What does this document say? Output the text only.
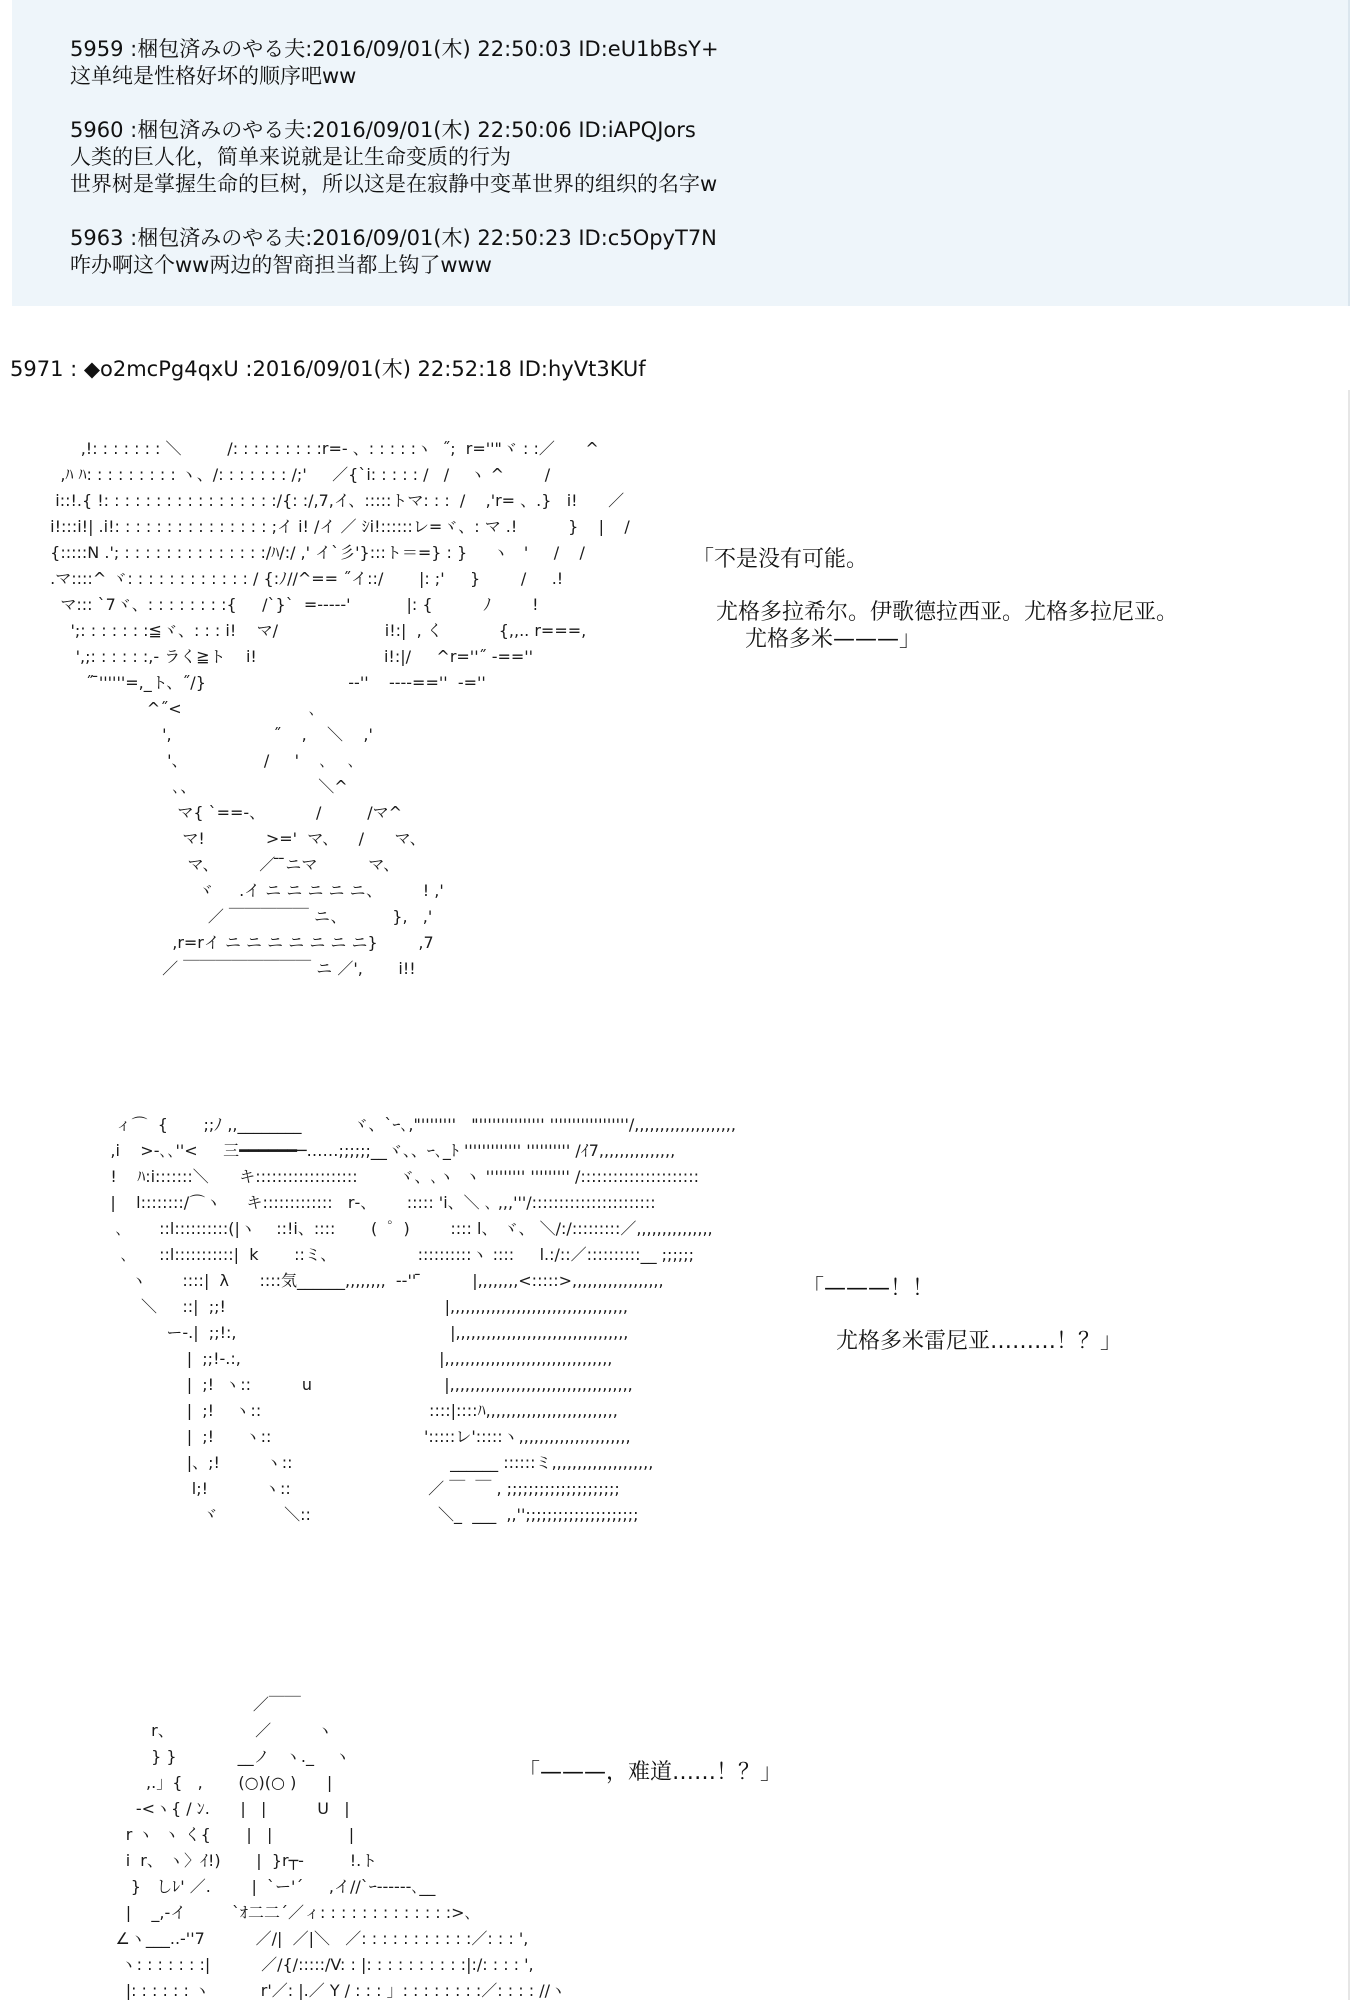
5959 :梱包済みのやる夫:2016/09/01(木) 22:50:03 ID:eU1bBsY+
这单纯是性格好坏的顺序吧ww
5960 :梱包済みのやる夫:2016/09/01(木) 22:50:06 ID:iAPQJors
人类的巨人化，简单来说就是让生命变质的行为
世界树是掌握生命的巨树，所以这是在寂静中变革世界的组织的名字w
5963 :梱包済みのやる夫:2016/09/01(木) 22:50:23 ID:c5OpyT7N
咋办啊这个ww两边的智商担当都上钩了www
5971 : ◆o2mcPg4qxU :2016/09/01(木) 22:52:18 ID:hyVt3KUf
,!: : : : : : : ＼         /: : : : : : : : :r=‐ 、: : : : :ヽ  ˝;  r=''"ヾ : :／      ^
,ﾊ ﾊ: : : : : : : : : ヽ、/: : : : : : : /;'     ／{`i: : : : : /   /    ヽ ^        /
i::!.{ !: : : : : : : : : : : : : : : : :/{: :/,7,イ、:::::トマ: : :  /    ,'r= 、.}   i!      ／
i!:::i!| .i!: : : : : : : : : : : : : : : ;イ i! /イ ／ ｼi!::::::レ=ヾ、: マ .!          }    |    /
{:::::N .'; : : : : : : : : : : : : : :/ﾊ/:/ ,' イ`彡'}:::ト＝=} : }     ヽ   '     /    /
.マ::::^ ヾ: : : : : : : : : : : : / {:ﾉ//^== ˝イ::/       |: ;'     }        /     .!
マ::: `7ヾ、: : : : : : : :{     /`}`  =‐----'           |: {          ﾉ        !
';: : : : : : :≦ヾ、: : : i!    マ/                     i!:|  , く           {,,.. r===,
',;: : : : : :,- ラく≧ト    i!                         i!:|/     ^r=''˝ -==''
˝ ̄''''''=,_ト、˝/}                            --''    ----==''  -=''
^˝<                         ､
',                    ˝    ,    ＼    ,'
'、               /     '    ､    ､
､、                        ＼^
マ{ `==-、          /         /マ^
マ!            >='  マ、    /      マ、
マ、        ／ ̄ ̄ニマ          マ、
ヾ     .イ ニ ニ ニ ニ ニ、        ! ,'
／ ￣￣￣￣￣ ニ、         },   ,'
,r=rイ ニ ニ ニ ニ ニ ニ ニ}        ,7
／ ￣￣￣￣￣￣￣￣ ニ ／',       i!!
「不是没有可能。
尤格多拉希尔。伊歌德拉西亚。尤格多拉尼亚。
尤格多米———」
ィ⌒  {       ;;ﾉ ,,________          ヾ、`ｰ､,"''''''''   "''''''''''''''' ''''''''''''''''''/,,,,,,,,,,,,,,,,,,,,
,i    >-､､''<     三━━━━━━─……;;;;;;__ヾ、、ｰ､_ﾄ ''''''''''''' '''''''''' /ｲ7,,,,,,,,,,,,,,,
!    ﾊ:i:::::::＼      キ:::::::::::::::::::        ヾ、､ヽ  ヽ ''''''''' ''''''''' /::::::::::::::::::::::
|    l::::::::/⌒ヽ     キ:::::::::::::   r‐、      ::::: 'i、＼ ､ ,,,'''/:::::::::::::::::::::::
､       ::l::::::::::(|ヽ    ::!i、::::       (  ゜)        :::: l、 ヾ、 ＼/:/:::::::::／,,,,,,,,,,,,,,,
､      ::l:::::::::::|  k       ::ミ、                ::::::::::ヽ ::::     l.:/::／::::::::::__ ;;;;;;
ヽ       ::::|  λ      ::::気______,,,,,,,,  ‐-'' ̄          |,,,,,,,,<:::::>,,,,,,,,,,,,,,,,,,
＼     ::|  ;;!                                           |,,,,,,,,,,,,,,,,,,,,,,,,,,,,,,,,,,,
ー-.|  ;;!:,                                          |,,,,,,,,,,,,,,,,,,,,,,,,,,,,,,,,,,
|  ;;!‐.:,                                       |,,,,,,,,,,,,,,,,,,,,,,,,,,,,,,,,,
|  ;!  ヽ::          u                          |,,,,,,,,,,,,,,,,,,,,,,,,,,,,,,,,,,,,
|  ;!    ヽ::                                 ::::|::::ﾊ,,,,,,,,,,,,,,,,,,,,,,,,,,
|  ;!      ヽ::                              ':::::レ':::::ヽ,,,,,,,,,,,,,,,,,,,,,,
|、;!         ヽ::                               ______ ::::::ミ,,,,,,,,,,,,,,,,,,,,
l;!           ヽ::                           ／ ￣  ￣ , ;;;;;;;;;;;;;;;;;;;;;
ヾ             ＼::                         ＼_  ___  ,,'';;;;;;;;;;;;;;;;;;;;;
「———！！
尤格多米雷尼亚………！？」
／￣￣
r、                ／         ヽ
} }            __ノ   ヽ._    ヽ
,.」{   ,       (○)(○ )      |
-<ヽ{ / ﾝ.      |   |          U   |
r ヽ  ヽ く{       |   |               |
i  r、 ヽ〉ｲ!)       |  }r┬-         !.ト
}   しﾚ' ／.        |  `ー'´     ,イ//`ｰ------､__
|    _,-イ         `ｵ二二´／ィ: : : : : : : : : : : : :>､
∠ヽ___..-''7          ／/|  ／|＼   ／: : : : : : : : : : :／: : : ',
ヽ: : : : : : :|          ／/{/:::::/V: : |: : : : : : : : : :|:/: : : : ',
|: : : : : : ヽ          r'／: |.／ Y / : : : 」: : : : : : : :／: : : : //ヽ
「———，难道……！？」
